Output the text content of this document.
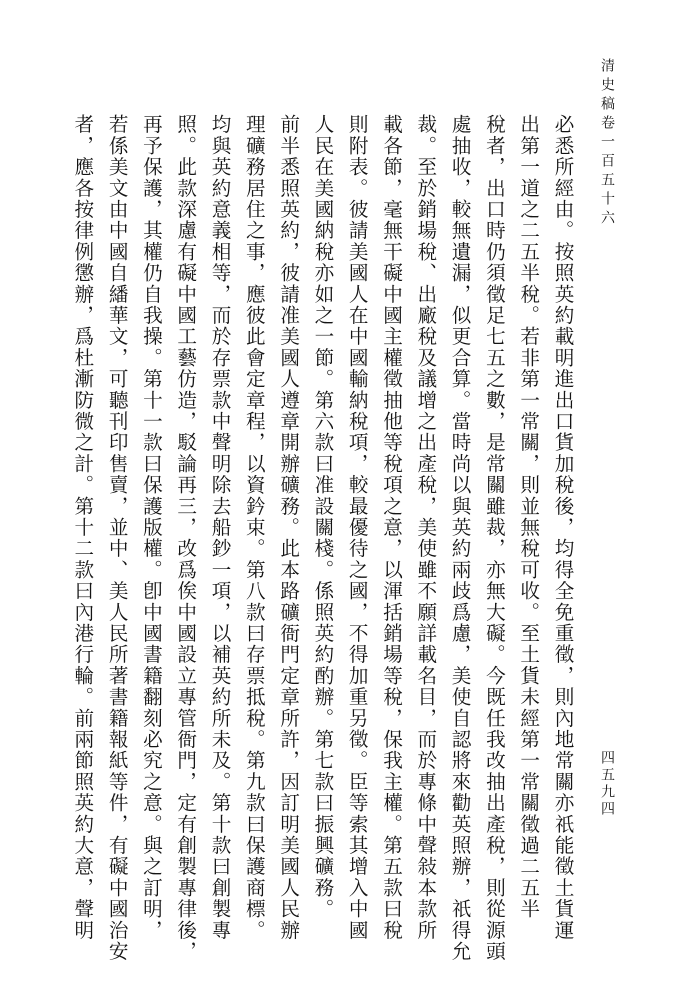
清史稿卷一百五十六
四五九四
必悉所經由。按照英約載明進出口貨加稅後，均得全免重徵，則內地常關亦祇能徵土貨運
出第一道之二五半稅。若非第一常關，則並無稅可收。至土貨未經第一常關徵過二五半
稅者，出口時仍須徵足七五之數，是常關雖裁，亦無大礙。今既任我改抽出產稅，則從源頭
處抽收，較無遺漏，似更合算。當時尚以與英約兩歧爲慮，美使自認將來勸英照辦，祇得允
裁。至於銷場稅、出廠稅及議增之出產稅，美使雖不願詳載名目，而於專條中聲敍本款所
載各節，毫無干礙中國主權徵抽他等稅項之意，以渾括銷場等稅，保我主權。第五款曰稅
則附表。彼請美國人在中國輸納稅項，較最優待之國，不得加重另徵。臣等索其增入中國
人民在美國納稅亦如之一節。第六款曰准設關棧。係照英約酌辦。第七款曰振興礦務。
前半悉照英約，彼請准美國人遵章開辦礦務。此本路礦衙門定章所許，因訂明美國人民辦
理礦務居住之事，應彼此會定章程，以資鈐束。第八款曰存票抵稅。第九款曰保護商標。
均與英約意義相等，而於存票款中聲明除去船鈔一項，以補英約所未及。第十款曰創製專
照。此款深慮有礙中國工藝仿造，駁論再三，改爲俟中國設立專管衙門，定有創製專律後，
再予保護，其權仍自我操。第十一款曰保護版權。卽中國書籍翻刻必究之意。與之訂明，
若係美文由中國自繙華文，可聽刊印售賣，並中、美人民所著書籍報紙等件，有礙中國治安
者，應各按律例懲辦，爲杜漸防微之計。第十二款曰內港行輪。前兩節照英約大意，聲明
